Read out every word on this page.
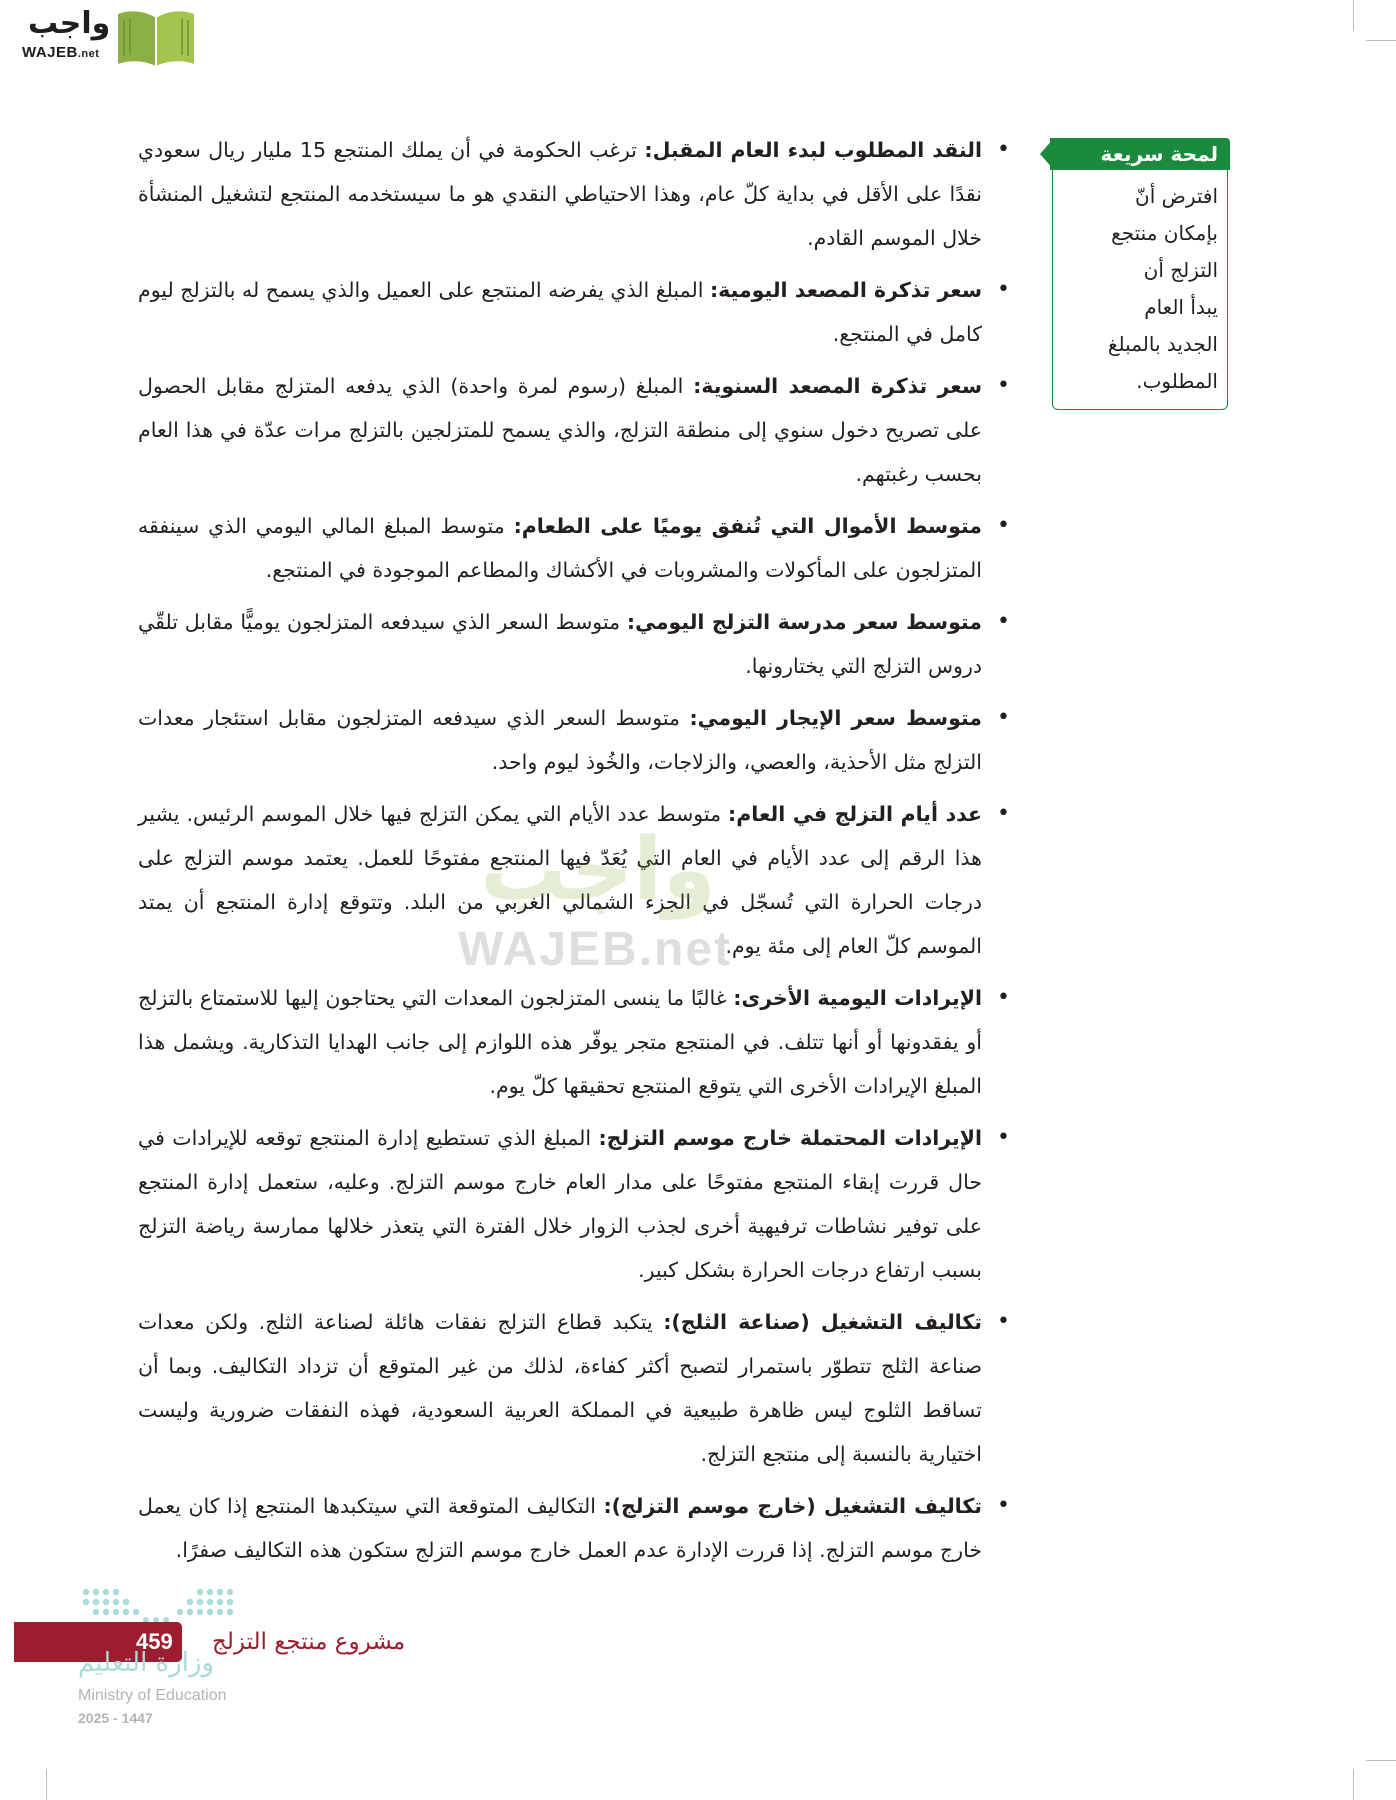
واجب
WAJEB.net
لمحة سريعة
افترض أنّ
بإمكان منتجع
التزلج أن
يبدأ العام
الجديد بالمبلغ
المطلوب.
•
النقد المطلوب لبدء العام المقبل: ترغب الحكومة في أن يملك المنتجع 15 مليار ريال سعودي نقدًا على الأقل في بداية كلّ عام، وهذا الاحتياطي النقدي هو ما سيستخدمه المنتجع لتشغيل المنشأة خلال الموسم القادم.
•
سعر تذكرة المصعد اليومية: المبلغ الذي يفرضه المنتجع على العميل والذي يسمح له بالتزلج ليوم كامل في المنتجع.
•
سعر تذكرة المصعد السنوية: المبلغ (رسوم لمرة واحدة) الذي يدفعه المتزلج مقابل الحصول على تصريح دخول سنوي إلى منطقة التزلج، والذي يسمح للمتزلجين بالتزلج مرات عدّة في هذا العام بحسب رغبتهم.
•
متوسط الأموال التي تُنفق يوميًا على الطعام: متوسط المبلغ المالي اليومي الذي سينفقه المتزلجون على المأكولات والمشروبات في الأكشاك والمطاعم الموجودة في المنتجع.
•
متوسط سعر مدرسة التزلج اليومي: متوسط السعر الذي سيدفعه المتزلجون يوميًّا مقابل تلقّي دروس التزلج التي يختارونها.
•
متوسط سعر الإيجار اليومي: متوسط السعر الذي سيدفعه المتزلجون مقابل استئجار معدات التزلج مثل الأحذية، والعصي، والزلاجات، والخُوذ ليوم واحد.
•
عدد أيام التزلج في العام: متوسط عدد الأيام التي يمكن التزلج فيها خلال الموسم الرئيس. يشير هذا الرقم إلى عدد الأيام في العام التي يُعَدّ فيها المنتجع مفتوحًا للعمل. يعتمد موسم التزلج على درجات الحرارة التي تُسجّل في الجزء الشمالي الغربي من البلد. وتتوقع إدارة المنتجع أن يمتد الموسم كلّ العام إلى مئة يوم.
•
الإيرادات اليومية الأخرى: غالبًا ما ينسى المتزلجون المعدات التي يحتاجون إليها للاستمتاع بالتزلج أو يفقدونها أو أنها تتلف. في المنتجع متجر يوفّر هذه اللوازم إلى جانب الهدايا التذكارية. ويشمل هذا المبلغ الإيرادات الأخرى التي يتوقع المنتجع تحقيقها كلّ يوم.
•
الإيرادات المحتملة خارج موسم التزلج: المبلغ الذي تستطيع إدارة المنتجع توقعه للإيرادات في حال قررت إبقاء المنتجع مفتوحًا على مدار العام خارج موسم التزلج. وعليه، ستعمل إدارة المنتجع على توفير نشاطات ترفيهية أخرى لجذب الزوار خلال الفترة التي يتعذر خلالها ممارسة رياضة التزلج بسبب ارتفاع درجات الحرارة بشكل كبير.
•
تكاليف التشغيل (صناعة الثلج): يتكبد قطاع التزلج نفقات هائلة لصناعة الثلج. ولكن معدات صناعة الثلج تتطوّر باستمرار لتصبح أكثر كفاءة، لذلك من غير المتوقع أن تزداد التكاليف. وبما أن تساقط الثلوج ليس ظاهرة طبيعية في المملكة العربية السعودية، فهذه النفقات ضرورية وليست اختيارية بالنسبة إلى منتجع التزلج.
•
تكاليف التشغيل (خارج موسم التزلج): التكاليف المتوقعة التي سيتكبدها المنتجع إذا كان يعمل خارج موسم التزلج. إذا قررت الإدارة عدم العمل خارج موسم التزلج ستكون هذه التكاليف صفرًا.
واجب
WAJEB.net
459 مشروع منتجع التزلج
وزارة التعليم
Ministry of Education
2025 - 1447
